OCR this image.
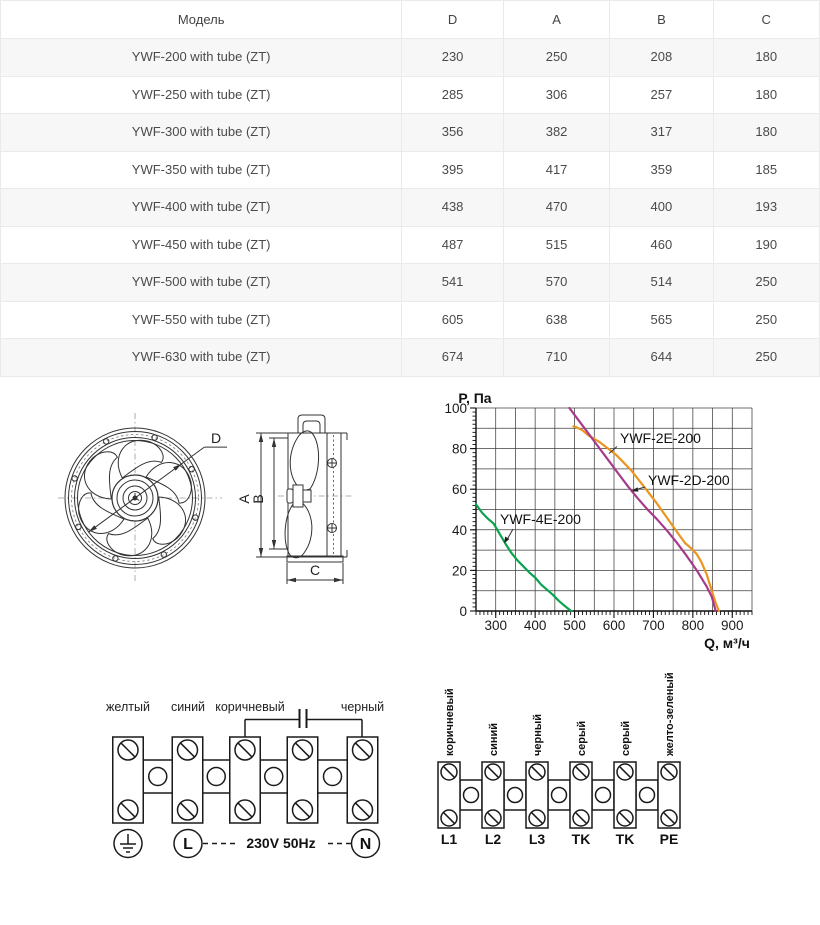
Модель	D	A	B	C
YWF-200 with tube (ZT)	230	250	208	180
YWF-250 with tube (ZT)	285	306	257	180
YWF-300 with tube (ZT)	356	382	317	180
YWF-350 with tube (ZT)	395	417	359	185
YWF-400 with tube (ZT)	438	470	400	193
YWF-450 with tube (ZT)	487	515	460	190
YWF-500 with tube (ZT)	541	570	514	250
YWF-550 with tube (ZT)	605	638	565	250
YWF-630 with tube (ZT)	674	710	644	250
D
A
B
C
300 400 500 600 700 800 900
0
20
40
60
80
100
P, Па
Q, м³/ч
YWF-2E-200
YWF-2D-200
YWF-4E-200
желтый синий коричневый	черный
L	230V 50Hz	N
коричневый	синий	черный	серый	серый	желто-зеленый
L1 L2 L3 TK TK PE
